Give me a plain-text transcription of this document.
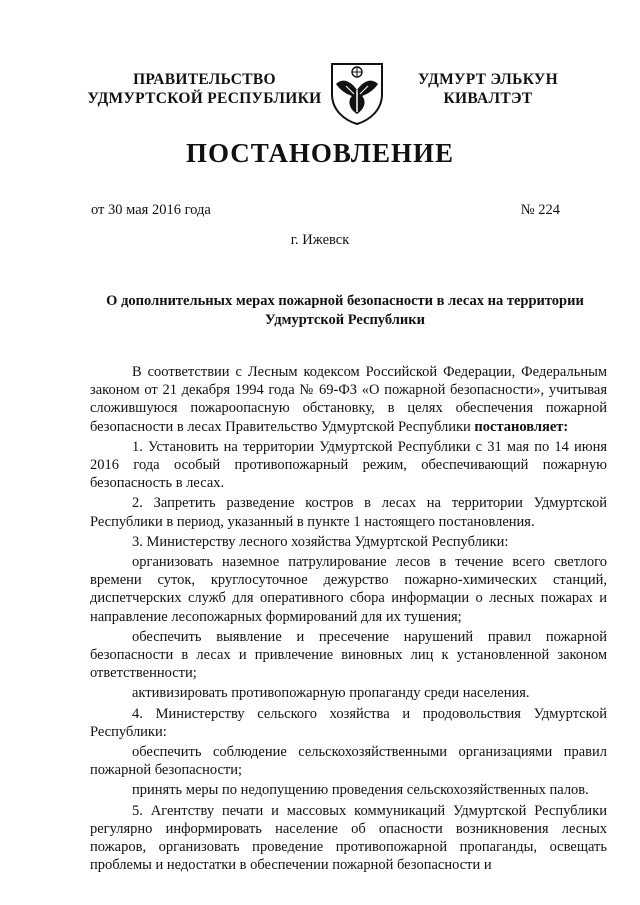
ПРАВИТЕЛЬСТВО
УДМУРТСКОЙ РЕСПУБЛИКИ
УДМУРТ ЭЛЬКУН
КИВАЛТЭТ
ПОСТАНОВЛЕНИЕ
от 30 мая 2016 года	№ 224
г. Ижевск
О дополнительных мерах пожарной безопасности в лесах на территории
Удмуртской Республики

В соответствии с Лесным кодексом Российской Федерации, Федеральным законом от 21 декабря 1994 года № 69-ФЗ «О пожарной безопасности», учитывая сложившуюся пожароопасную обстановку, в целях обеспечения пожарной безопасности в лесах Правительство Удмуртской Республики постановляет:

1. Установить на территории Удмуртской Республики с 31 мая по 14 июня 2016 года особый противопожарный режим, обеспечивающий пожарную безопасность в лесах.

2. Запретить разведение костров в лесах на территории Удмуртской Республики в период, указанный в пункте 1 настоящего постановления.

3. Министерству лесного хозяйства Удмуртской Республики:

организовать наземное патрулирование лесов в течение всего светлого времени суток, круглосуточное дежурство пожарно-химических станций, диспетчерских служб для оперативного сбора информации о лесных пожарах и направление лесопожарных формирований для их тушения;

обеспечить выявление и пресечение нарушений правил пожарной безопасности в лесах и привлечение виновных лиц к установленной законом ответственности;

активизировать противопожарную пропаганду среди населения.

4. Министерству сельского хозяйства и продовольствия Удмуртской Республики:

обеспечить соблюдение сельскохозяйственными организациями правил пожарной безопасности;

принять меры по недопущению проведения сельскохозяйственных палов.

5. Агентству печати и массовых коммуникаций Удмуртской Республики регулярно информировать население об опасности возникновения лесных пожаров, организовать проведение противопожарной пропаганды, освещать проблемы и недостатки в обеспечении пожарной безопасности и
